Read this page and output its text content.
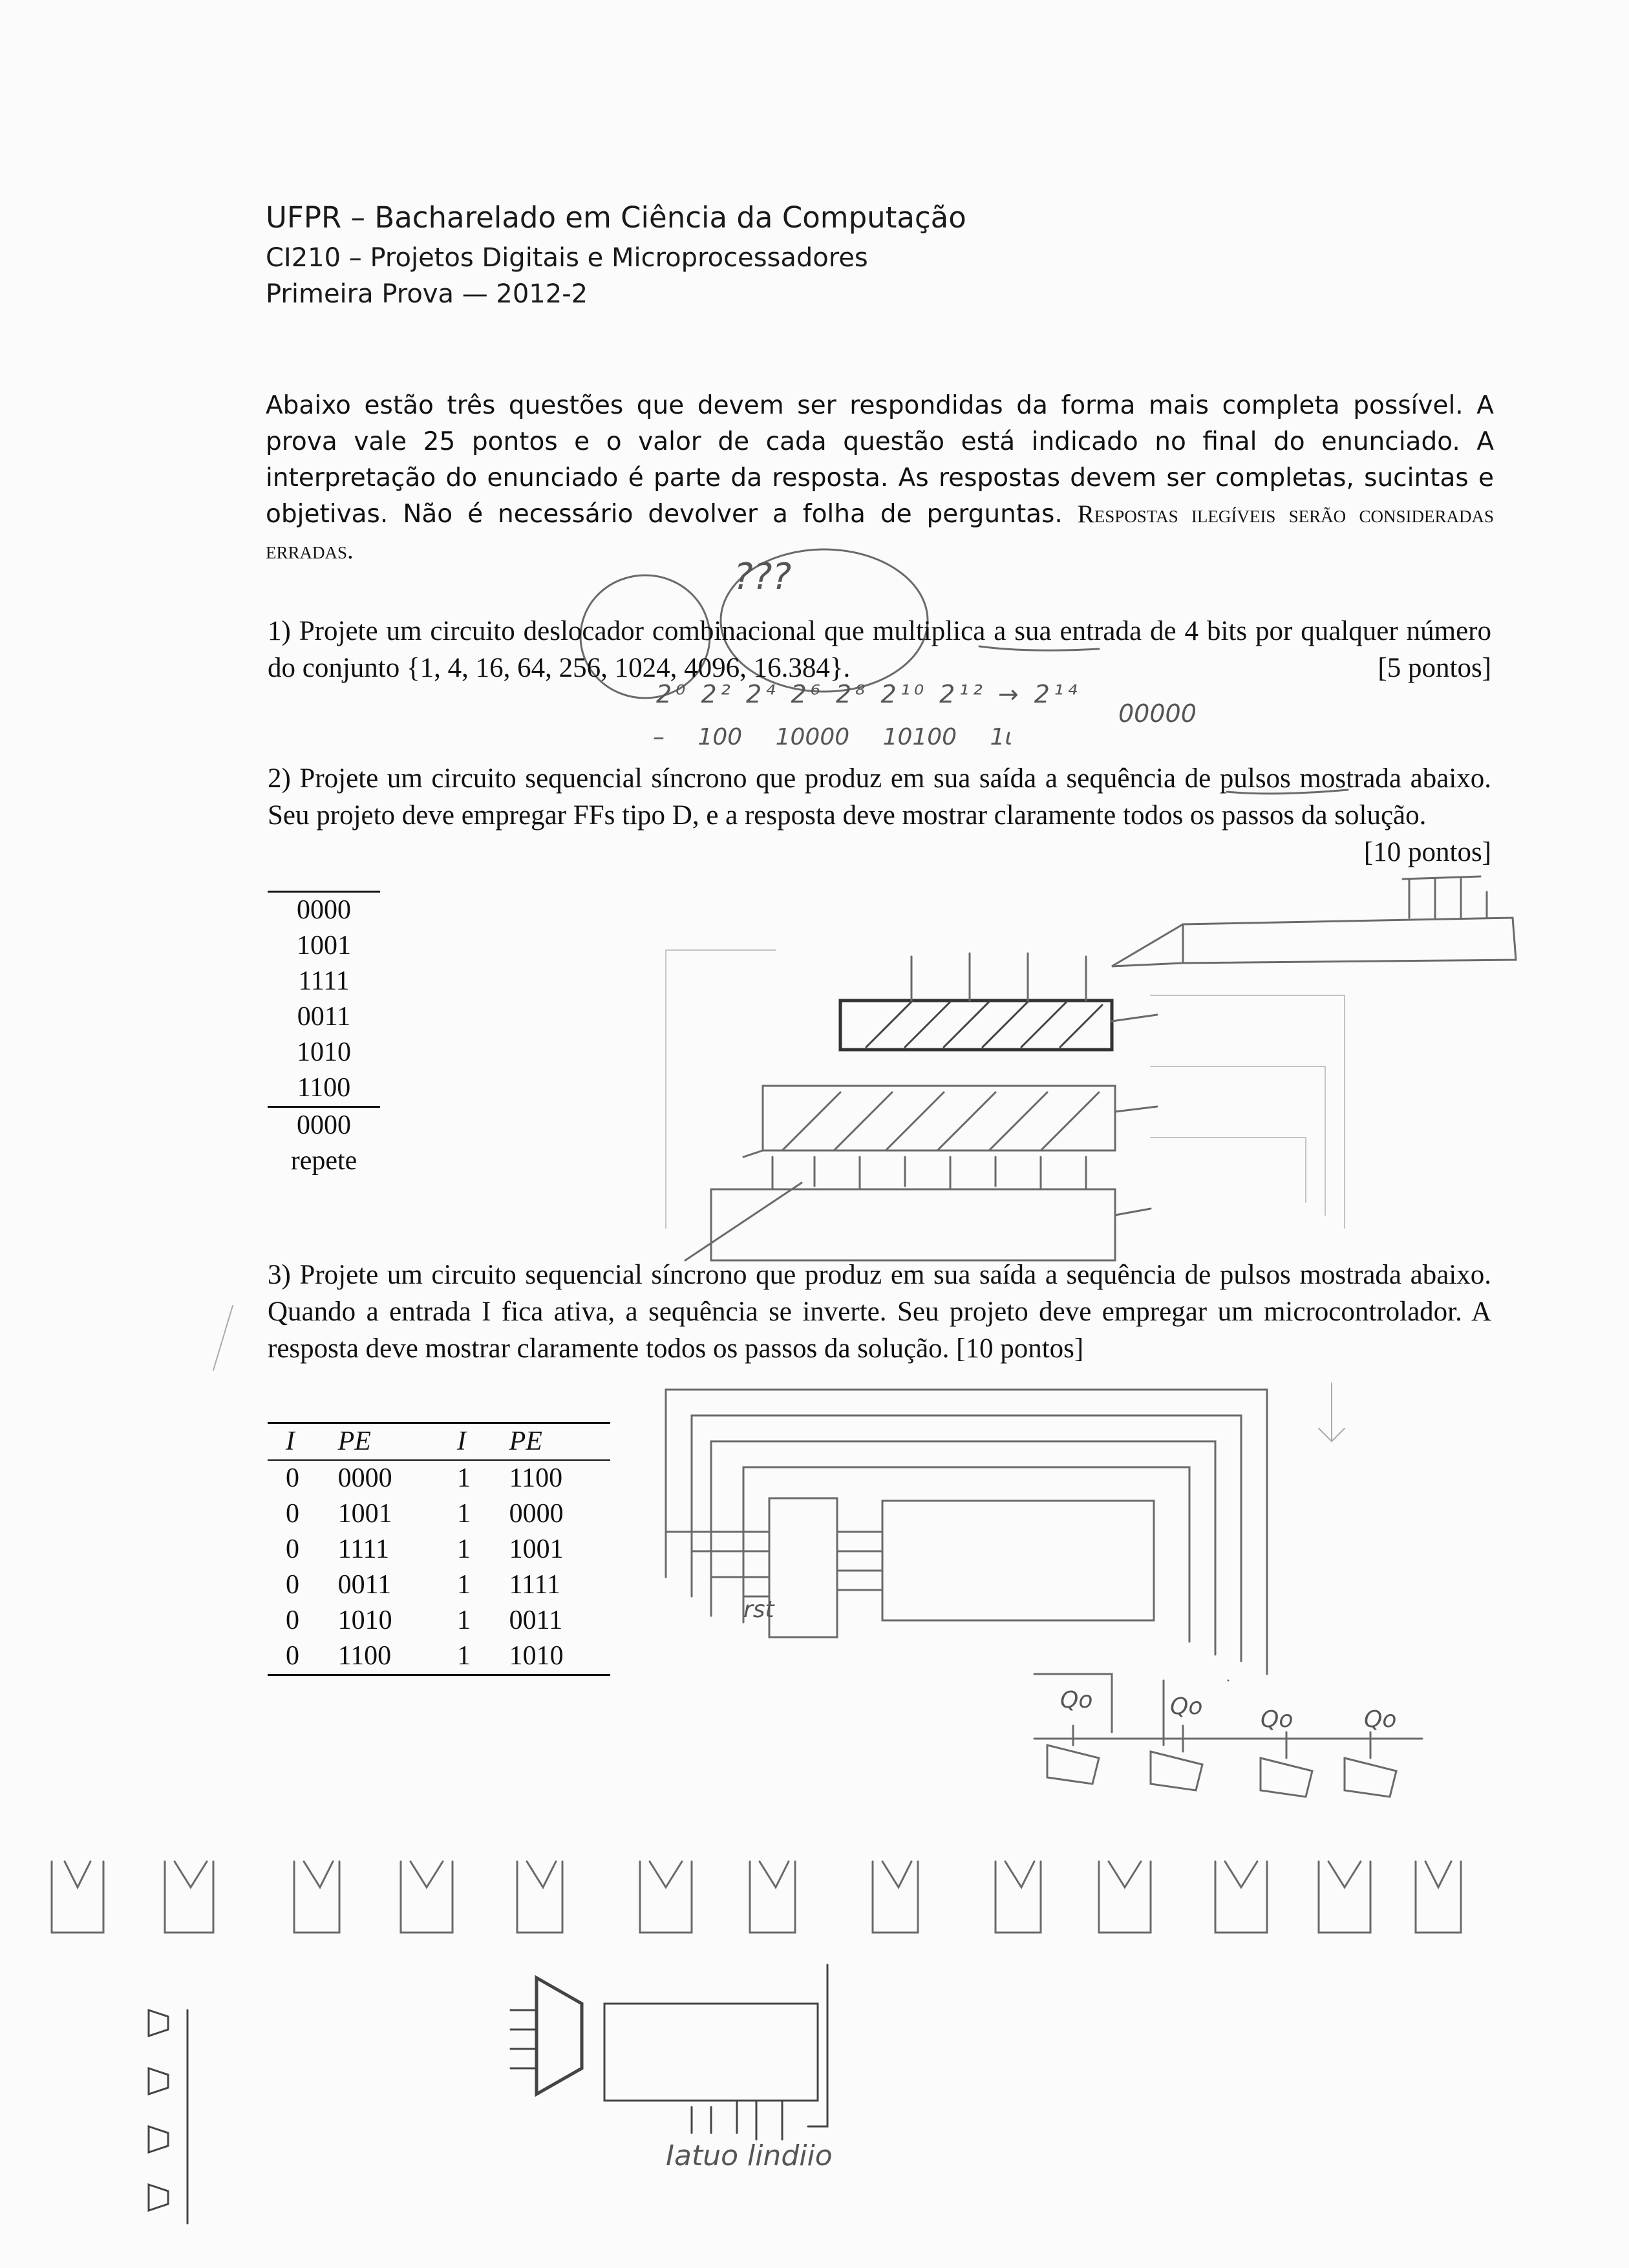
UFPR – Bacharelado em Ciência da Computação
CI210 – Projetos Digitais e Microprocessadores
Primeira Prova — 2012-2
Abaixo estão três questões que devem ser respondidas da forma mais completa possível. A prova vale 25 pontos e o valor de cada questão está indicado no final do enunciado. A interpretação do enunciado é parte da resposta. As respostas devem ser completas, sucintas e objetivas. Não é necessário devolver a folha de perguntas. Respostas ilegíveis serão consideradas erradas.
1) Projete um circuito deslocador combinacional que multiplica a sua entrada de 4 bits por qualquer número do conjunto {1, 4, 16, 64, 256, 1024, 4096, 16.384}.	[5 pontos]
2) Projete um circuito sequencial síncrono que produz em sua saída a sequência de pulsos mostrada abaixo. Seu projeto deve empregar FFs tipo D, e a resposta deve mostrar claramente todos os passos da solução.
[10 pontos]
0000
1001
1111
0011
1010
1100
0000
repete
3) Projete um circuito sequencial síncrono que produz em sua saída a sequência de pulsos mostrada abaixo. Quando a entrada I fica ativa, a sequência se inverte. Seu projeto deve empregar um microcontrolador. A resposta deve mostrar claramente todos os passos da solução. [10 pontos]
I	PE	I	PE
0	0000	1	1100
0	1001	1	0000
0	1111	1	1001
0	0011	1	1111
0	1010	1	0011
0	1100	1	1010
???
2⁰ 2² 2⁴ 2⁶ 2⁸ 2¹⁰ 2¹² → 2¹⁴
– 100 10000 10100 1ι
00000
rst
Qo	Qo Qo	Qo
Iatuo lindiio
